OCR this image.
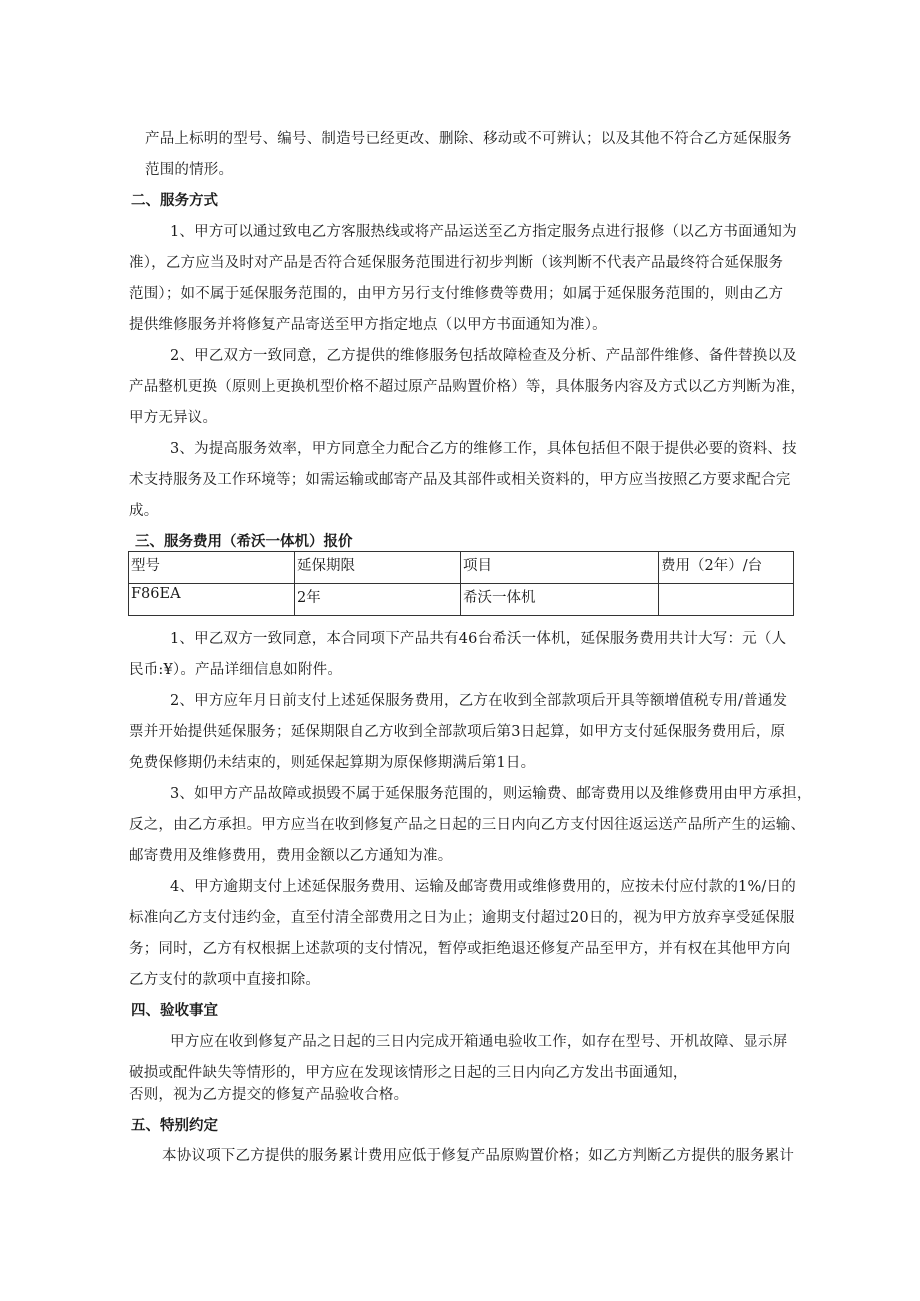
产品上标明的型号、编号、制造号已经更改、删除、移动或不可辨认；以及其他不符合乙方延保服务

范围的情形。

二、服务方式

1、甲方可以通过致电乙方客服热线或将产品运送至乙方指定服务点进行报修（以乙方书面通知为

准），乙方应当及时对产品是否符合延保服务范围进行初步判断（该判断不代表产品最终符合延保服务

范围）；如不属于延保服务范围的，由甲方另行支付维修费等费用；如属于延保服务范围的，则由乙方

提供维修服务并将修复产品寄送至甲方指定地点（以甲方书面通知为准）。

2、甲乙双方一致同意，乙方提供的维修服务包括故障检查及分析、产品部件维修、备件替换以及

产品整机更换（原则上更换机型价格不超过原产品购置价格）等，具体服务内容及方式以乙方判断为准，

甲方无异议。

3、为提高服务效率，甲方同意全力配合乙方的维修工作，具体包括但不限于提供必要的资料、技

术支持服务及工作环境等；如需运输或邮寄产品及其部件或相关资料的，甲方应当按照乙方要求配合完

成。

三、服务费用（希沃一体机）报价
型号	延保期限	项目	费用（2年）/台
F86EA	2年	希沃一体机	

1、甲乙双方一致同意，本合同项下产品共有46台希沃一体机，延保服务费用共计大写：元（人

民币:¥）。产品详细信息如附件。

2、甲方应年月日前支付上述延保服务费用，乙方在收到全部款项后开具等额增值税专用/普通发

票并开始提供延保服务；延保期限自乙方收到全部款项后第3日起算，如甲方支付延保服务费用后，原

免费保修期仍未结束的，则延保起算期为原保修期满后第1日。

3、如甲方产品故障或损毁不属于延保服务范围的，则运输费、邮寄费用以及维修费用由甲方承担，

反之，由乙方承担。甲方应当在收到修复产品之日起的三日内向乙方支付因往返运送产品所产生的运输、

邮寄费用及维修费用，费用金额以乙方通知为准。

4、甲方逾期支付上述延保服务费用、运输及邮寄费用或维修费用的，应按未付应付款的1%/日的

标准向乙方支付违约金，直至付清全部费用之日为止；逾期支付超过20日的，视为甲方放弃享受延保服

务；同时，乙方有权根据上述款项的支付情况，暂停或拒绝退还修复产品至甲方，并有权在其他甲方向

乙方支付的款项中直接扣除。

四、验收事宜

甲方应在收到修复产品之日起的三日内完成开箱通电验收工作，如存在型号、开机故障、显示屏

破损或配件缺失等情形的，甲方应在发现该情形之日起的三日内向乙方发出书面通知，

否则，视为乙方提交的修复产品验收合格。

五、特别约定

本协议项下乙方提供的服务累计费用应低于修复产品原购置价格；如乙方判断乙方提供的服务累计
